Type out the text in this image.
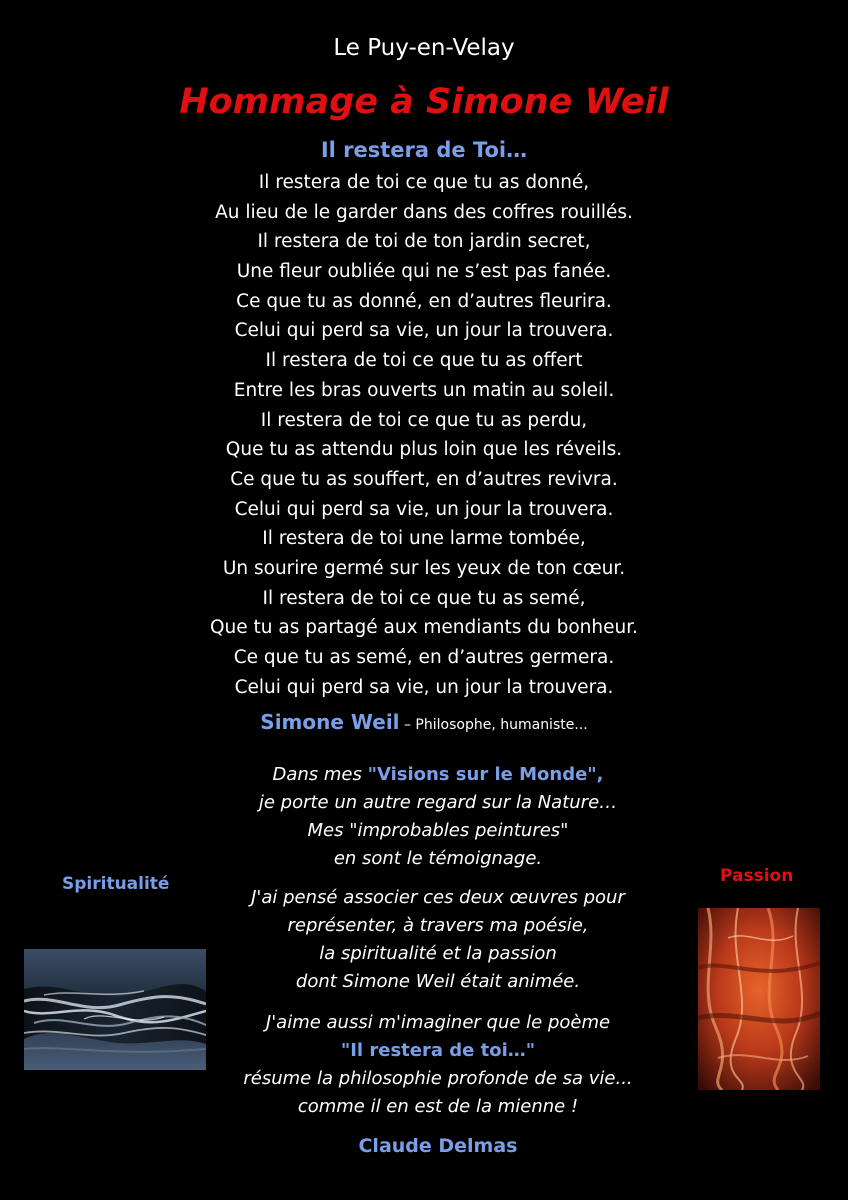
Le Puy-en-Velay
Hommage à Simone Weil
Il restera de Toi…
Il restera de toi ce que tu as donné,
Au lieu de le garder dans des coffres rouillés.
Il restera de toi de ton jardin secret,
Une fleur oubliée qui ne s’est pas fanée.
Ce que tu as donné, en d’autres fleurira.
Celui qui perd sa vie, un jour la trouvera.
Il restera de toi ce que tu as offert
Entre les bras ouverts un matin au soleil.
Il restera de toi ce que tu as perdu,
Que tu as attendu plus loin que les réveils.
Ce que tu as souffert, en d’autres revivra.
Celui qui perd sa vie, un jour la trouvera.
Il restera de toi une larme tombée,
Un sourire germé sur les yeux de ton cœur.
Il restera de toi ce que tu as semé,
Que tu as partagé aux mendiants du bonheur.
Ce que tu as semé, en d’autres germera.
Celui qui perd sa vie, un jour la trouvera.
Simone Weil – Philosophe, humaniste...
Dans mes "Visions sur le Monde",
je porte un autre regard sur la Nature…
Mes "improbables peintures"
en sont le témoignage.
J'ai pensé associer ces deux œuvres pour
représenter, à travers ma poésie,
la spiritualité et la passion
dont Simone Weil était animée.
J'aime aussi m'imaginer que le poème
"Il restera de toi…"
résume la philosophie profonde de sa vie...
comme il en est de la mienne !
Claude Delmas
Spiritualité	Passion
